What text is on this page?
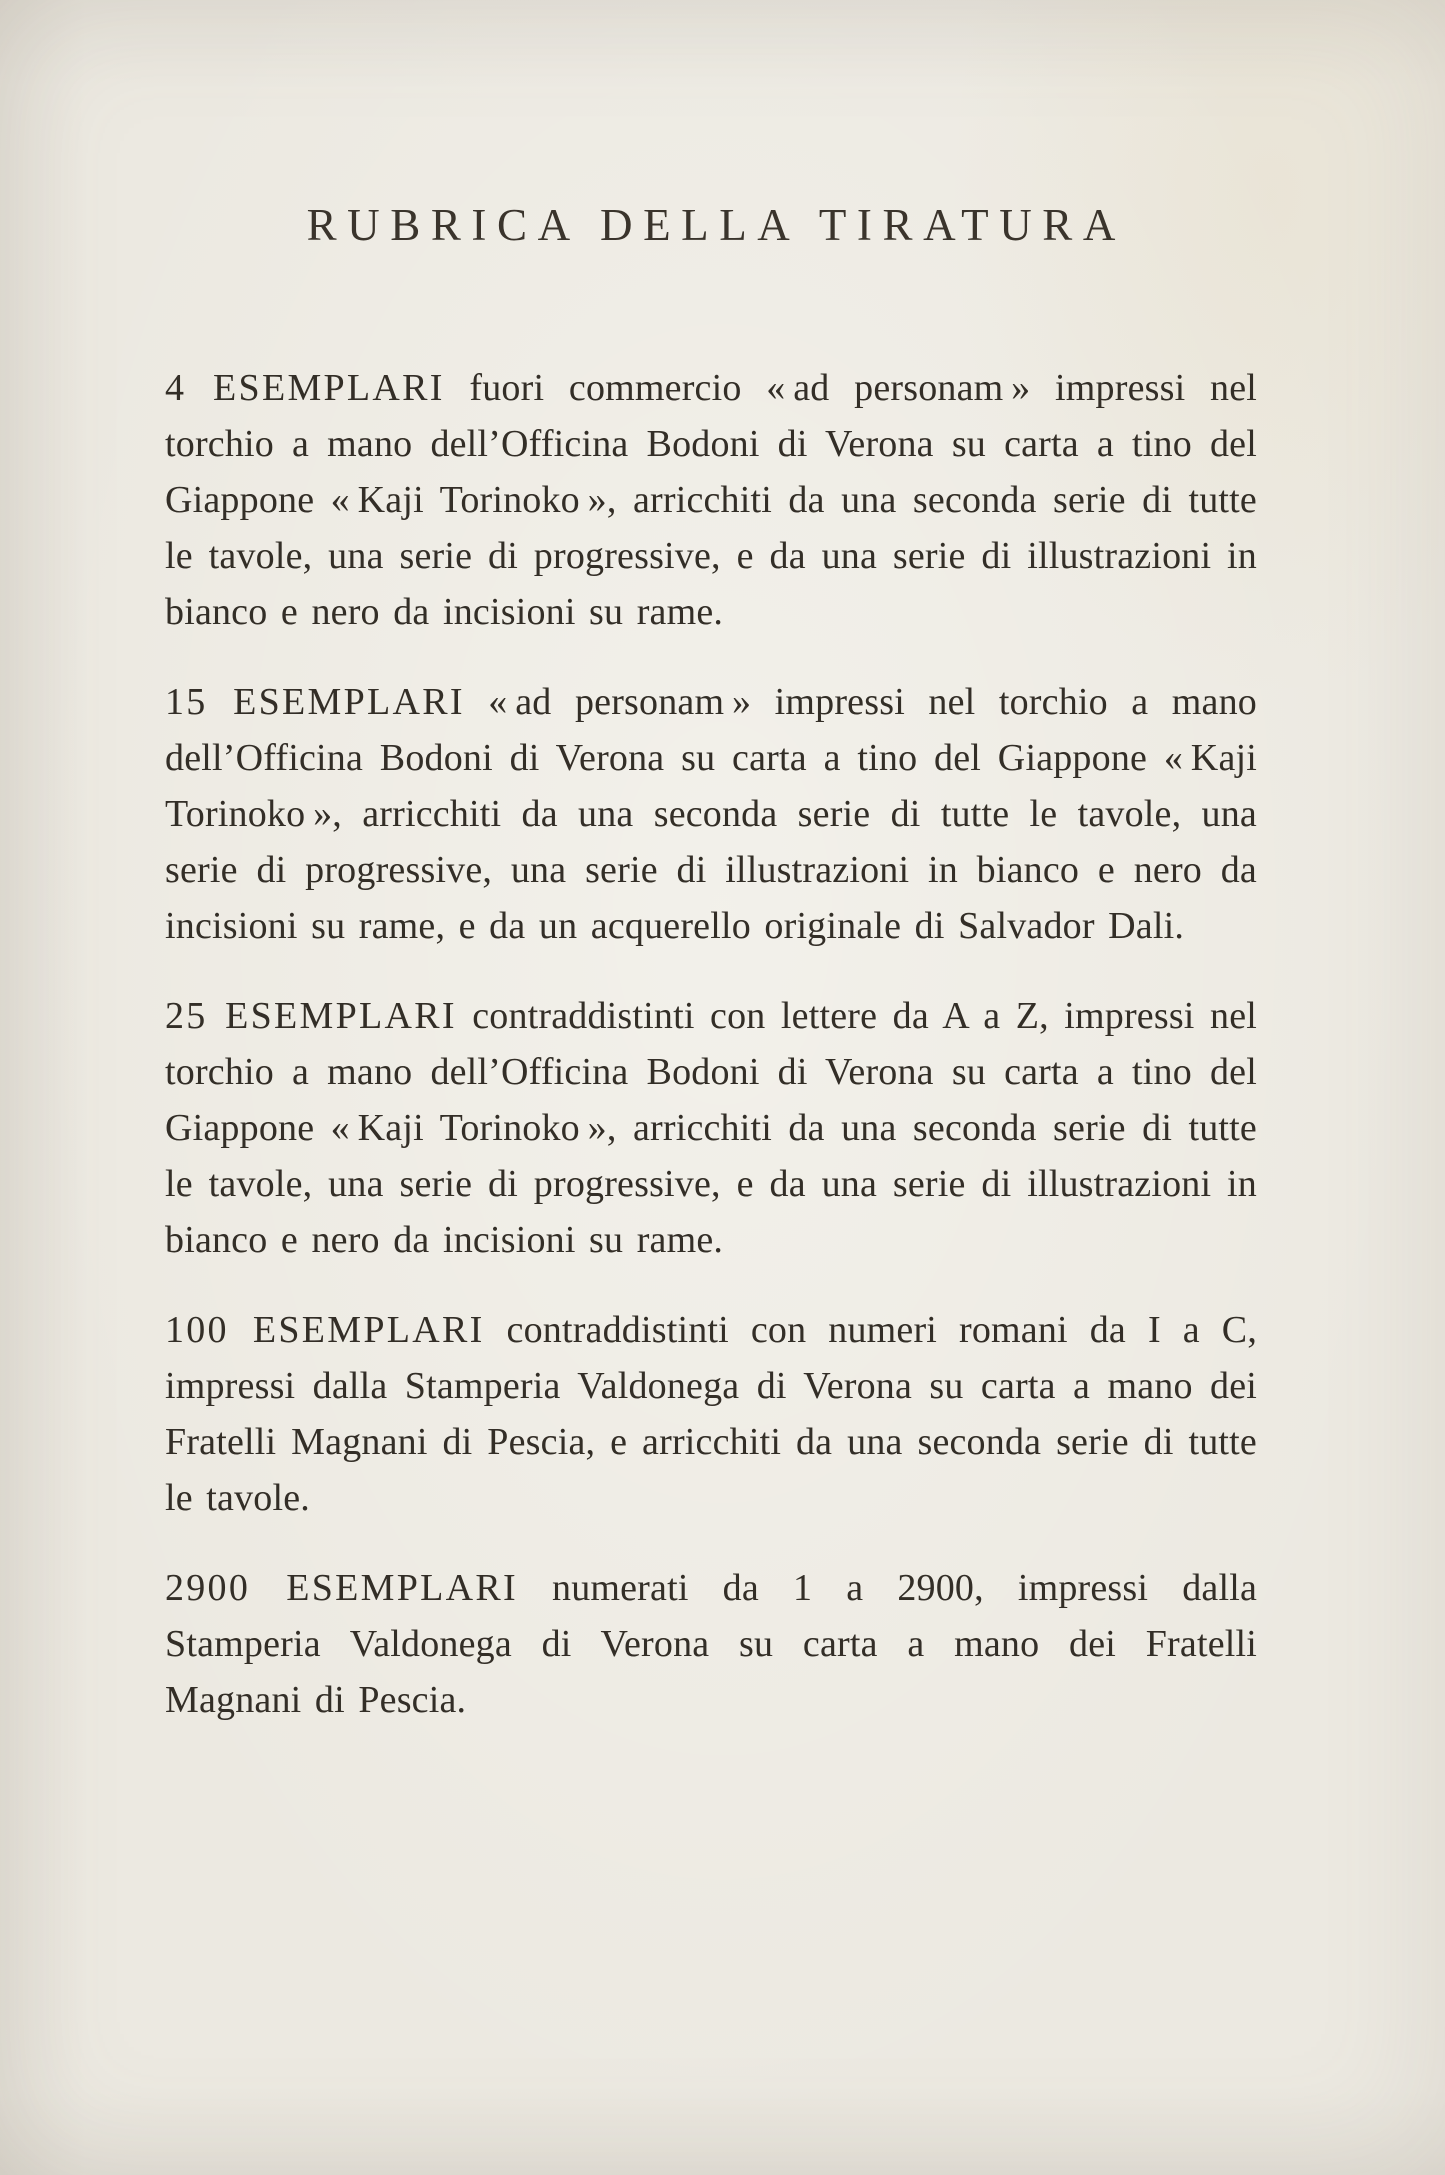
RUBRICA DELLA TIRATURA

4 ESEMPLARI fuori commercio « ad personam » impressi nel torchio a mano dell’Officina Bodoni di Verona su carta a tino del Giappone « Kaji Torinoko », arricchiti da una seconda serie di tutte le tavole, una serie di progressive, e da una serie di illustrazioni in bianco e nero da incisioni su rame.

15 ESEMPLARI « ad personam » impressi nel torchio a mano dell’Officina Bodoni di Verona su carta a tino del Giappone « Kaji Torinoko », arricchiti da una seconda serie di tutte le tavole, una serie di progressive, una serie di illustrazioni in bianco e nero da incisioni su rame, e da un acquerello originale di Salvador Dali.

25 ESEMPLARI contraddistinti con lettere da A a Z, impressi nel torchio a mano dell’Officina Bodoni di Verona su carta a tino del Giappone « Kaji Torinoko », arricchiti da una seconda serie di tutte le tavole, una serie di progressive, e da una serie di illustrazioni in bianco e nero da incisioni su rame.

100 ESEMPLARI contraddistinti con numeri romani da I a C, impressi dalla Stamperia Valdonega di Verona su carta a mano dei Fratelli Magnani di Pescia, e arricchiti da una seconda serie di tutte le tavole.

2900 ESEMPLARI numerati da 1 a 2900, impressi dalla Stamperia Valdonega di Verona su carta a mano dei Fratelli Magnani di Pescia.
